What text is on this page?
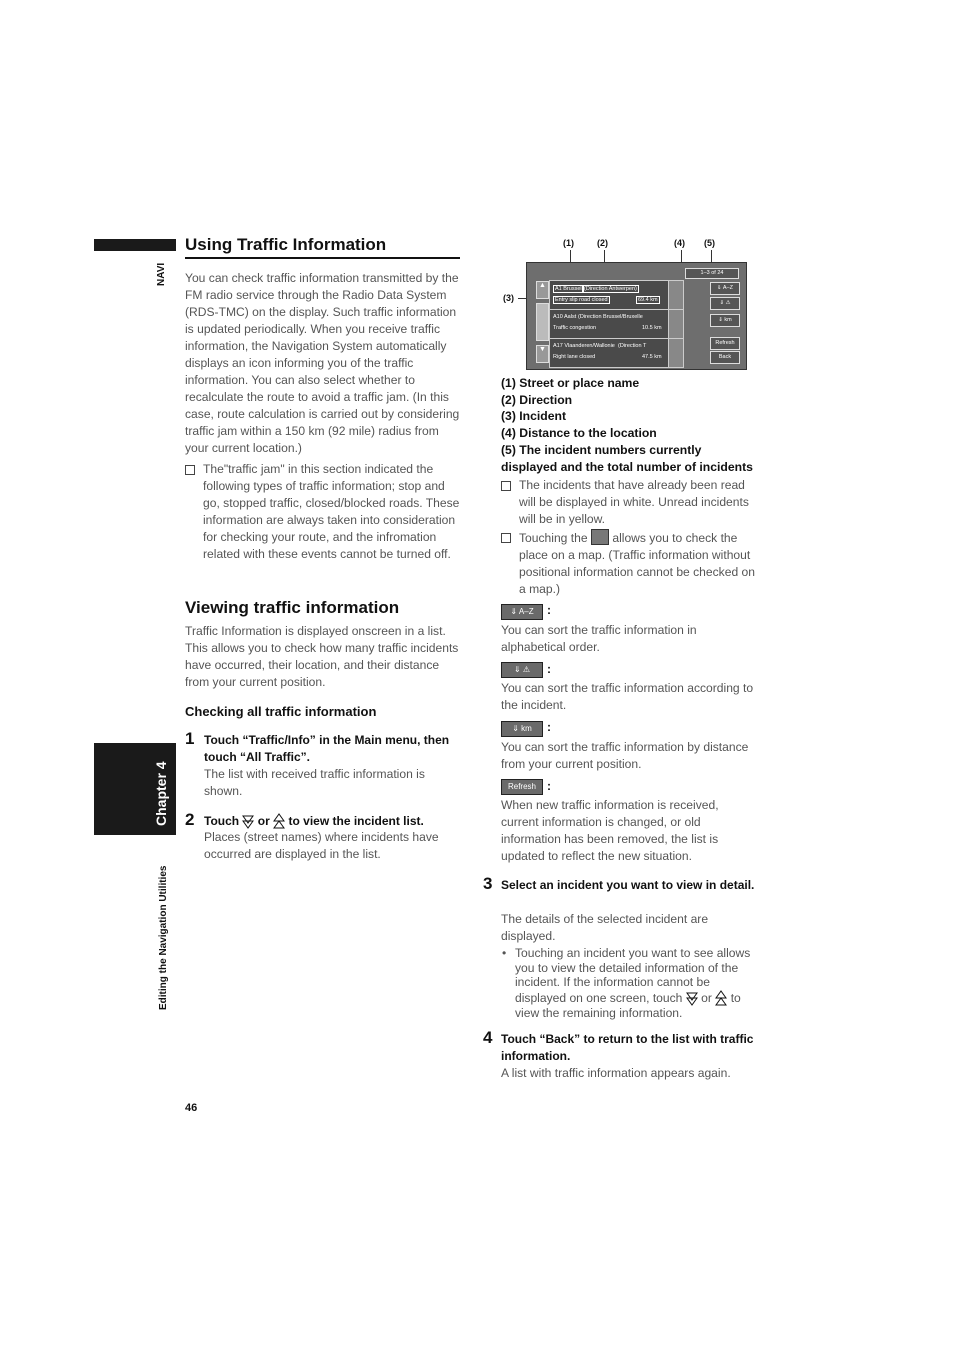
NAVI
Chapter 4
Editing the Navigation Utilities
Using Traffic Information

You can check traffic information transmitted by the FM radio service through the Radio Data System (RDS-TMC) on the display. Such traffic information is updated periodically. When you receive traffic information, the Navigation System automatically displays an icon informing you of the traffic information. You can also select whether to recalculate the route to avoid a traffic jam. (In this case, route calculation is carried out by considering traffic jam within a 150 km (92 mile) radius from your current location.)

The"traffic jam" in this section indicated the following types of traffic information; stop and go, stopped traffic, closed/blocked roads. These information are always taken into consideration for checking your route, and the infromation related with these events cannot be turned off.
Viewing traffic information

Traffic Information is displayed onscreen in a list. This allows you to check how many traffic incidents have occurred, their location, and their distance from your current position.

Checking all traffic information
1 Touch “Traffic/Info” in the Main menu, then touch “All Traffic”.

The list with received traffic information is shown.

2 Touch or to view the incident list.

Places (street names) where incidents have occurred are displayed in the list.

(1)	(2)	(4) (5)
(3)
▲
▼
A1 Brussel (Direction Antwerpen)
Entry slip road closed	69.4 km
A10 Aalst (Direction Brussel/Bruxelle
Traffic congestion	10.5 km
A17 Vlaanderen/Wallonie (Direction T
Right lane closed	47.5 km
1–3 of 24
⇓ A–Z
⇓ ⚠
⇓ km
Refresh
Back

(1) Street or place name

(2) Direction

(3) Incident

(4) Distance to the location

(5) The incident numbers currently displayed and the total number of incidents

The incidents that have already been read will be displayed in white. Unread incidents will be in yellow.
Touching the allows you to check the place on a map. (Traffic information without positional information cannot be checked on a map.)
⇓ A–Z	:

You can sort the traffic information in alphabetical order.

⇓ ⚠	:

You can sort the traffic information according to the incident.

⇓ km	:

You can sort the traffic information by distance from your current position.

Refresh :

When new traffic information is received, current information is changed, or old information has been removed, the list is updated to reflect the new situation.

3 Select an incident you want to view in detail.

The details of the selected incident are displayed.

• Touching an incident you want to see allows you to view the detailed information of the incident. If the information cannot be displayed on one screen, touch or to view the remaining information.
4 Touch “Back” to return to the list with traffic information.

A list with traffic information appears again.

46
